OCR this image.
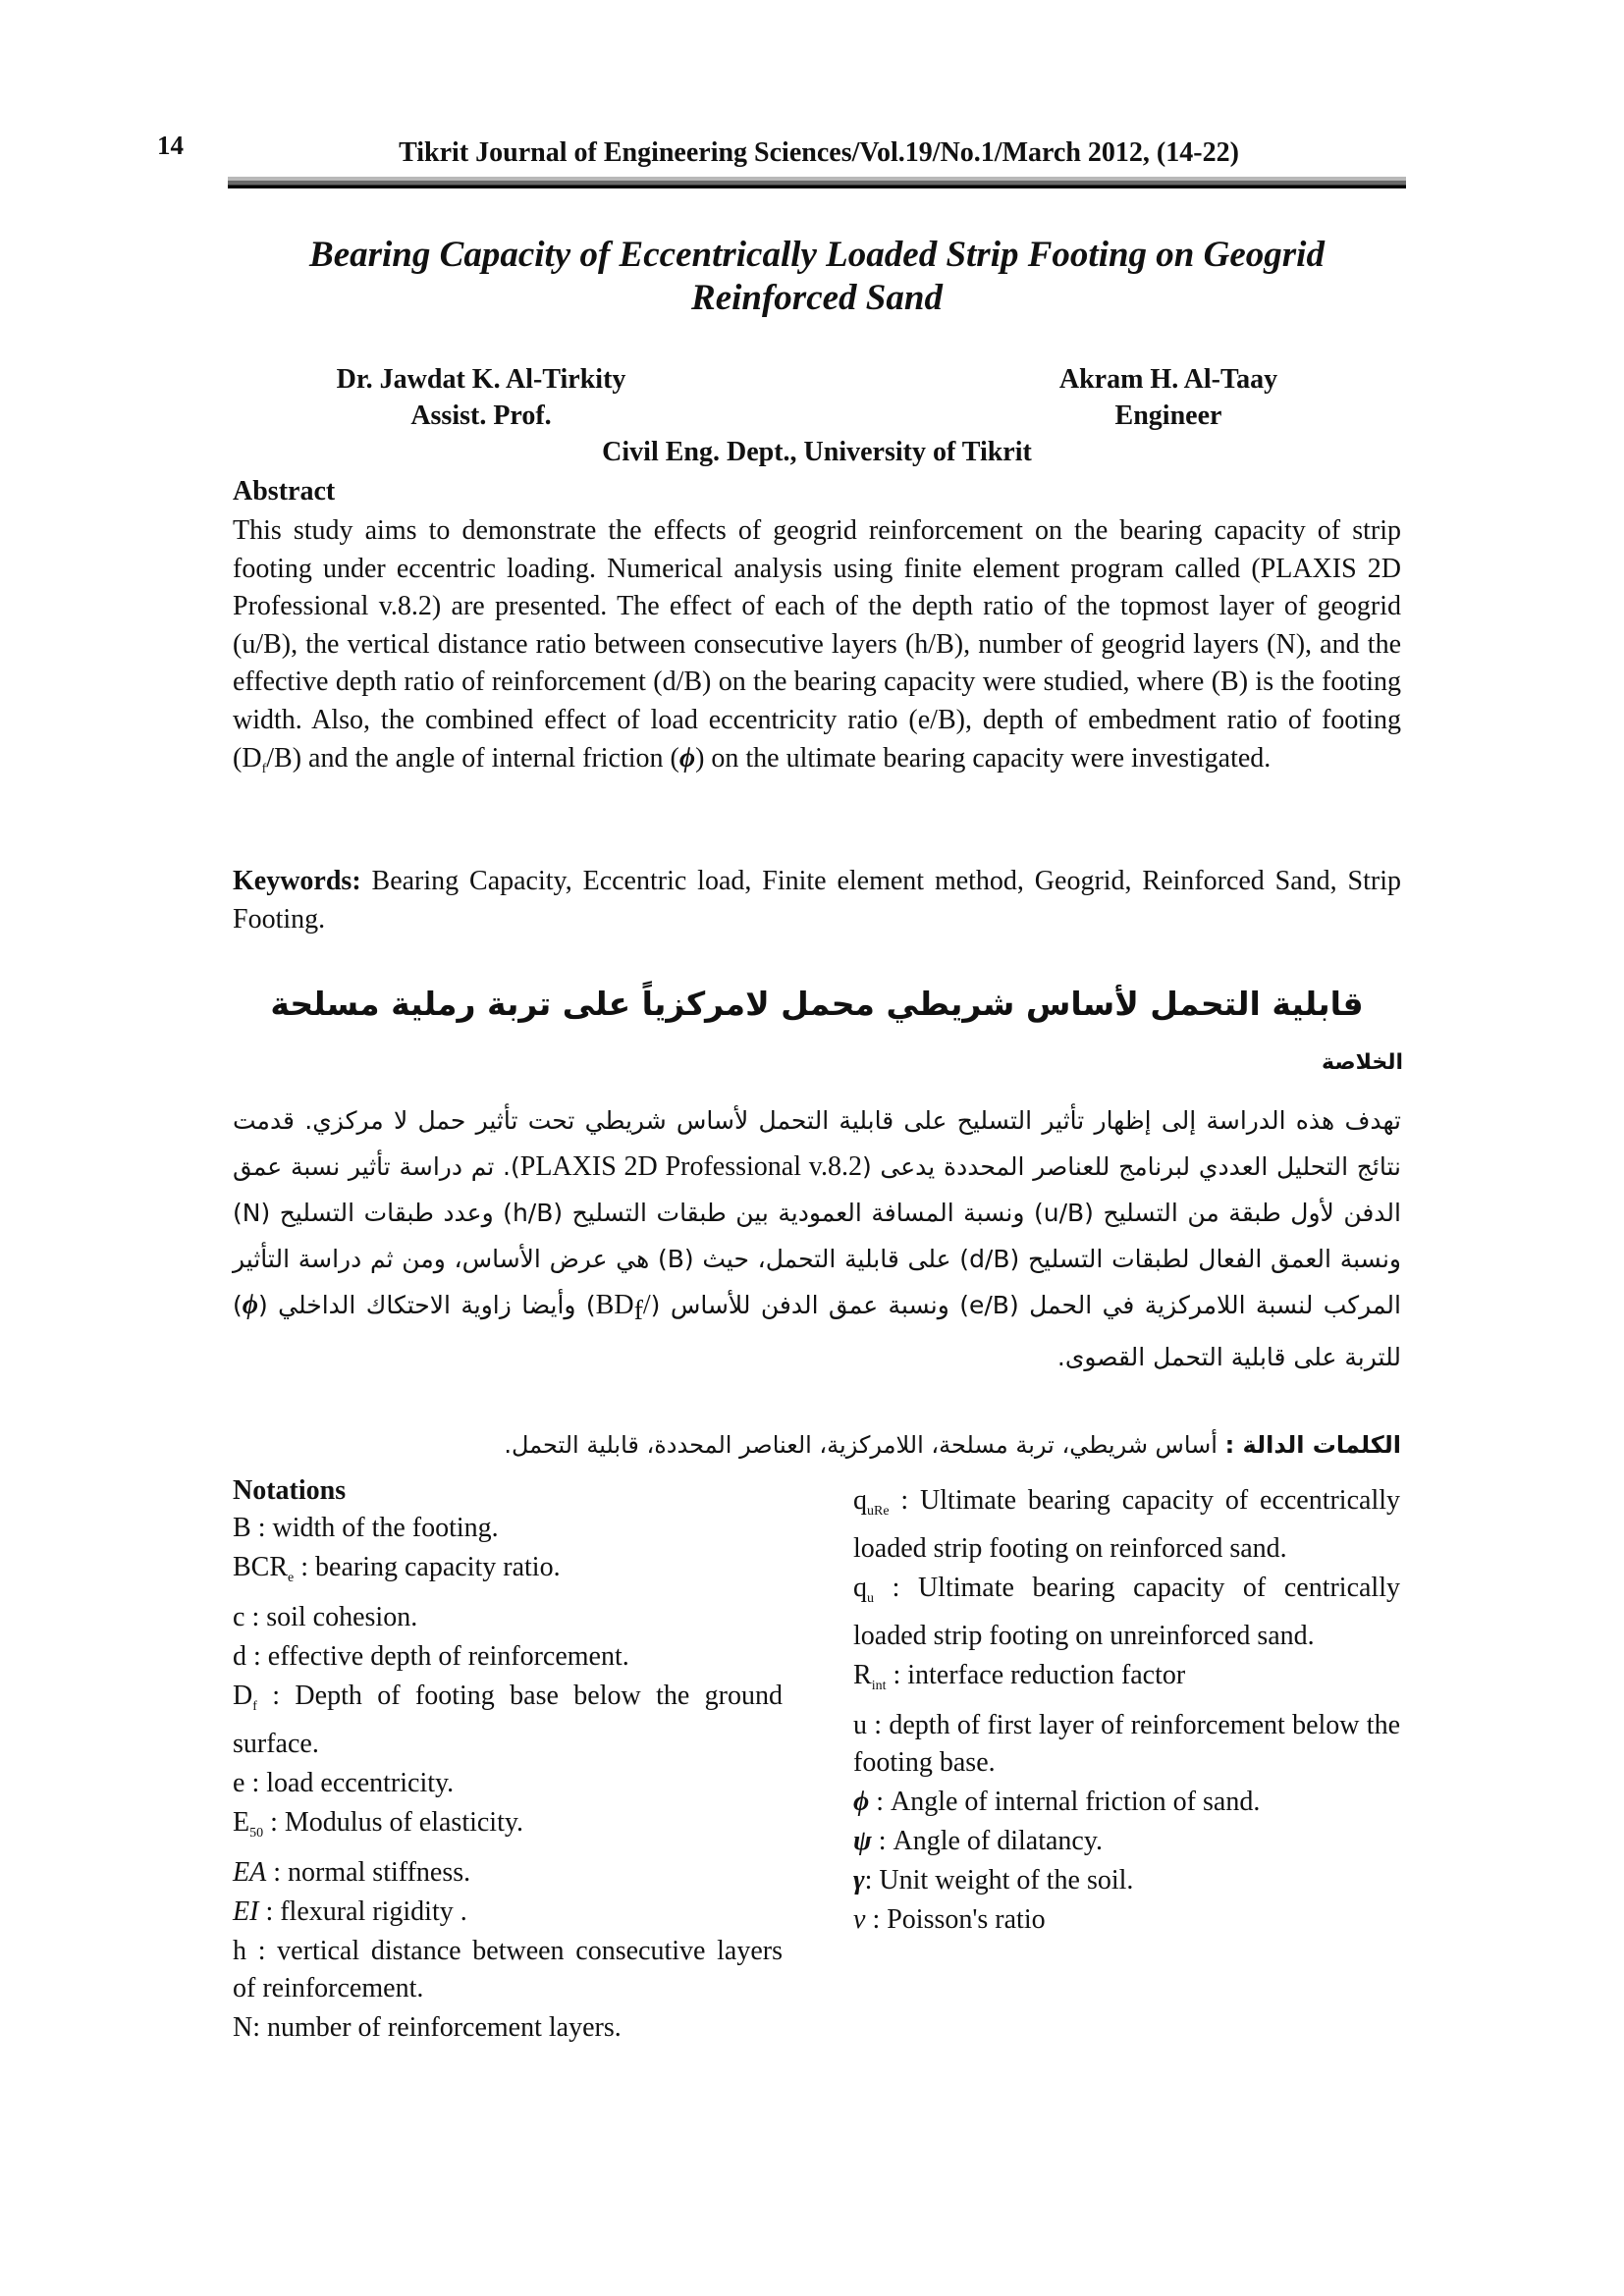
14	Tikrit Journal of Engineering Sciences/Vol.19/No.1/March 2012, (14-22)
Bearing Capacity of Eccentrically Loaded Strip Footing on Geogrid
Reinforced Sand
Dr. Jawdat K. Al-Tirkity
Assist. Prof.
Akram H. Al-Taay
Engineer
Civil Eng. Dept., University of Tikrit
Abstract
This study aims to demonstrate the effects of geogrid reinforcement on the bearing capacity of strip footing under eccentric loading. Numerical analysis using finite element program called (PLAXIS 2D Professional v.8.2) are presented. The effect of each of the depth ratio of the topmost layer of geogrid (u/B), the vertical distance ratio between consecutive layers (h/B), number of geogrid layers (N), and the effective depth ratio of reinforcement (d/B) on the bearing capacity were studied, where (B) is the footing width. Also, the combined effect of load eccentricity ratio (e/B), depth of embedment ratio of footing $(D_f/B)$ and the angle of internal friction (ϕ) on the ultimate bearing capacity were investigated.
Keywords: Bearing Capacity, Eccentric load, Finite element method, Geogrid, Reinforced Sand, Strip Footing.
قابلية التحمل لأساس شريطي محمل لامركزياً على تربة رملية مسلحة
الخلاصة
تهدف هذه الدراسة إلى إظهار تأثير التسليح على قابلية التحمل لأساس شريطي تحت تأثير حمل لا مركزي. قدمت نتائج التحليل العددي لبرنامج للعناصر المحددة يدعى (PLAXIS 2D Professional v.8.2). تم دراسة تأثير نسبة عمق الدفن لأول طبقة من التسليح (u/B) ونسبة المسافة العمودية بين طبقات التسليح (h/B) وعدد طبقات التسليح (N) ونسبة العمق الفعال لطبقات التسليح (d/B) على قابلية التحمل، حيث (B) هي عرض الأساس، ومن ثم دراسة التأثير المركب لنسبة اللامركزية في الحمل (e/B) ونسبة عمق الدفن للأساس (/BDf) وأيضا زاوية الاحتكاك الداخلي (ϕ) للتربة على قابلية التحمل القصوى.
الكلمات الدالة : أساس شريطي، تربة مسلحة، اللامركزية، العناصر المحددة، قابلية التحمل.
Notations
B : width of the footing.
$BCR_e$ : bearing capacity ratio.
c : soil cohesion.
d : effective depth of reinforcement.
$D_f$ : Depth of footing base below the ground surface.
e : load eccentricity.
$E_{50}$ : Modulus of elasticity.
EA : normal stiffness.
EI : flexural rigidity .
h : vertical distance between consecutive layers of reinforcement.
N: number of reinforcement layers.
$q_{uRe}$ : Ultimate bearing capacity of eccentrically loaded strip footing on reinforced sand.
$q_u$ : Ultimate bearing capacity of centrically loaded strip footing on unreinforced sand.
$R_{int}$ : interface reduction factor
u : depth of first layer of reinforcement below the footing base.
ϕ : Angle of internal friction of sand.
ψ : Angle of dilatancy.
γ: Unit weight of the soil.
ν : Poisson's ratio
